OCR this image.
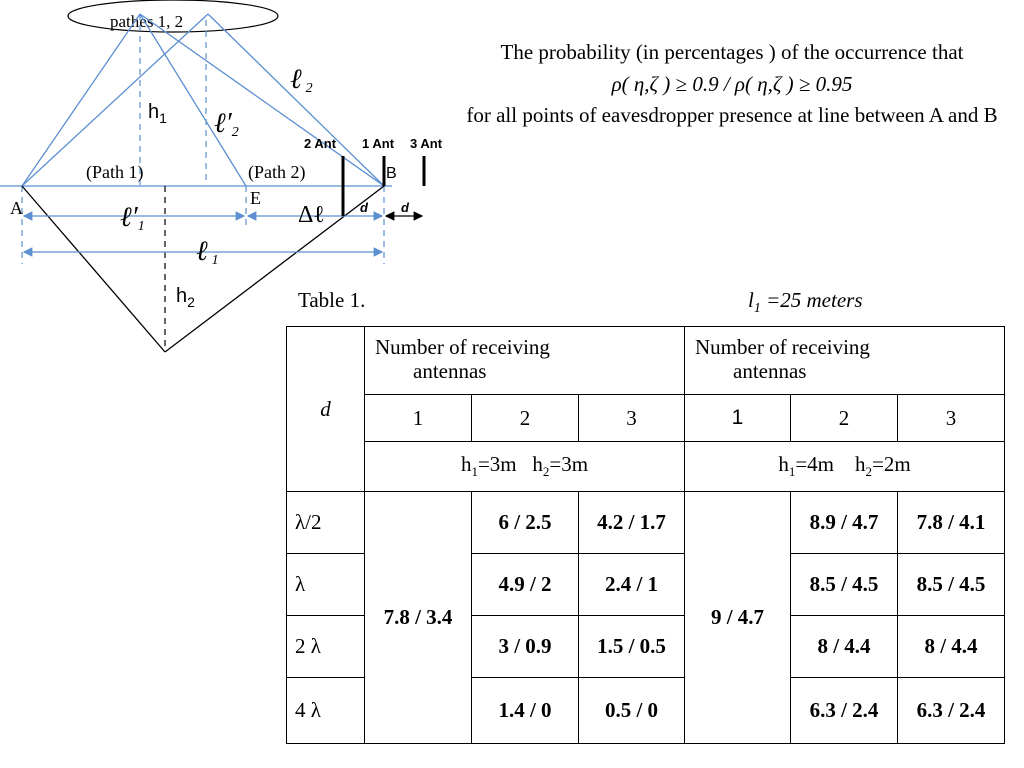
pathes 1, 2
$h_1$
$h_2$
ℓ 2
ℓ′2
ℓ′1
ℓ 1
Δℓ
(Path 1)	(Path 2)
A
B
E
2 Ant 1 Ant 3 Ant
d	d
The probability (in percentages ) of the occurrence that
ρ( η,ζ ) ≥ 0.9 / ρ( η,ζ ) ≥ 0.95
for all points of eavesdropper presence at line between A and B
Table 1.	$l_1 =25$ meters
d	Number of receiving
antennas			Number of receiving
antennas		

	1	2	3	1	2	3
	$h_1=3m$ $h_2=3m$			$h_1=4m$ $h_2=2m$		
λ/2	7.8 / 3.4	6 / 2.5	4.2 / 1.7	9 / 4.7	8.9 / 4.7	7.8 / 4.1
λ		4.9 / 2	2.4 / 1		8.5 / 4.5	8.5 / 4.5
2 λ		3 / 0.9	1.5 / 0.5		8 / 4.4	8 / 4.4
4 λ		1.4 / 0	0.5 / 0		6.3 / 2.4	6.3 / 2.4
